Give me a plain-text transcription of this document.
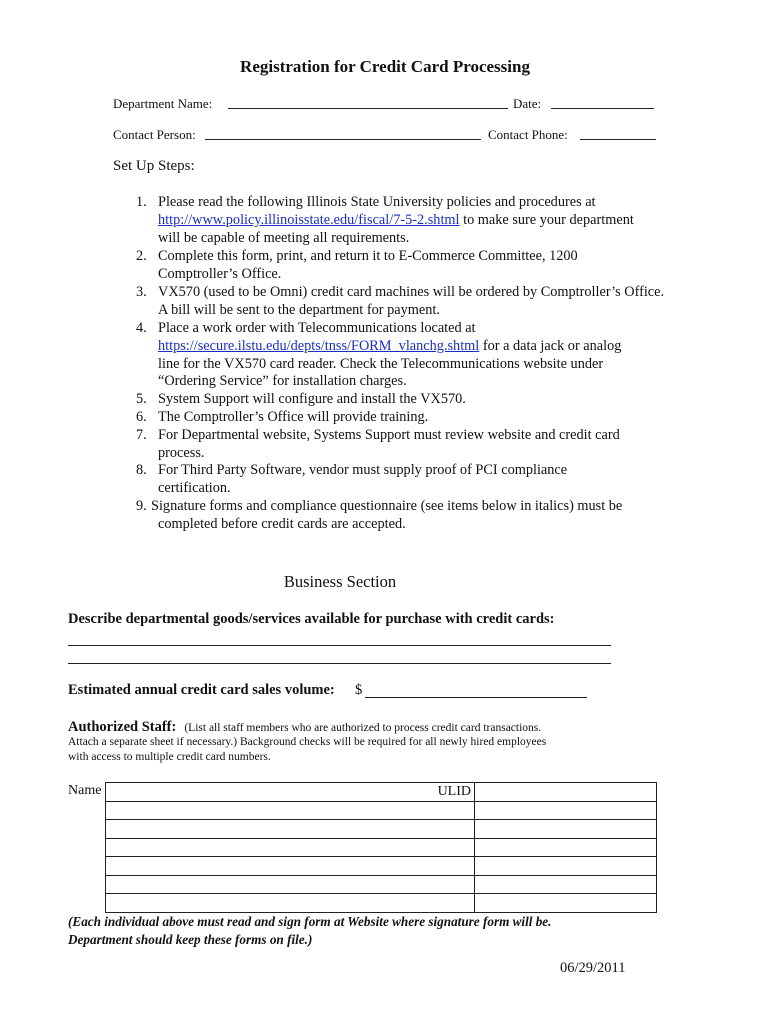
Registration for Credit Card Processing
Department Name:	Date:
Contact Person:	Contact Phone:
Set Up Steps:
1. Please read the following Illinois State University policies and procedures at
http://www.policy.illinoisstate.edu/fiscal/7-5-2.shtml to make sure your department
will be capable of meeting all requirements.
2. Complete this form, print, and return it to E-Commerce Committee, 1200
Comptroller’s Office.
3. VX570 (used to be Omni) credit card machines will be ordered by Comptroller’s Office.
A bill will be sent to the department for payment.
4. Place a work order with Telecommunications located at
https://secure.ilstu.edu/depts/tnss/FORM_vlanchg.shtml for a data jack or analog
line for the VX570 card reader. Check the Telecommunications website under
“Ordering Service” for installation charges.
5. System Support will configure and install the VX570.
6. The Comptroller’s Office will provide training.
7. For Departmental website, Systems Support must review website and credit card
process.
8. For Third Party Software, vendor must supply proof of PCI compliance
certification.
9. Signature forms and compliance questionnaire (see items below in italics) must be
completed before credit cards are accepted.
Business Section
Describe departmental goods/services available for purchase with credit cards:
Estimated annual credit card sales volume: $
Authorized Staff: (List all staff members who are authorized to process credit card transactions.
Attach a separate sheet if necessary.) Background checks will be required for all newly hired employees
with access to multiple credit card numbers.
Name	ULID	

(Each individual above must read and sign form at Website where signature form will be.
Department should keep these forms on file.)
06/29/2011
